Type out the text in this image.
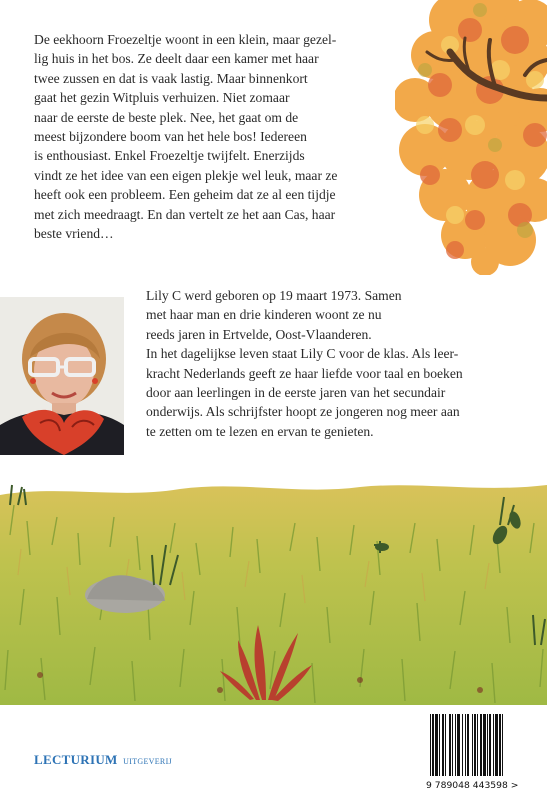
De eekhoorn Froezeltje woont in een klein, maar gezel-
lig huis in het bos. Ze deelt daar een kamer met haar
twee zussen en dat is vaak lastig. Maar binnenkort
gaat het gezin Witpluis verhuizen. Niet zomaar
naar de eerste de beste plek. Nee, het gaat om de
meest bijzondere boom van het hele bos! Iedereen
is enthousiast. Enkel Froezeltje twijfelt. Enerzijds
vindt ze het idee van een eigen plekje wel leuk, maar ze
heeft ook een probleem. Een geheim dat ze al een tijdje
met zich meedraagt. En dan vertelt ze het aan Cas, haar
beste vriend…
Lily C werd geboren op 19 maart 1973. Samen
met haar man en drie kinderen woont ze nu
reeds jaren in Ertvelde, Oost-Vlaanderen.
In het dagelijkse leven staat Lily C voor de klas. Als leer-
kracht Nederlands geeft ze haar liefde voor taal en boeken
door aan leerlingen in de eerste jaren van het secundair
onderwijs. Als schrijfster hoopt ze jongeren nog meer aan
te zetten om te lezen en ervan te genieten.
LECTURIUM uitgeverij
9 789048 443598 >
